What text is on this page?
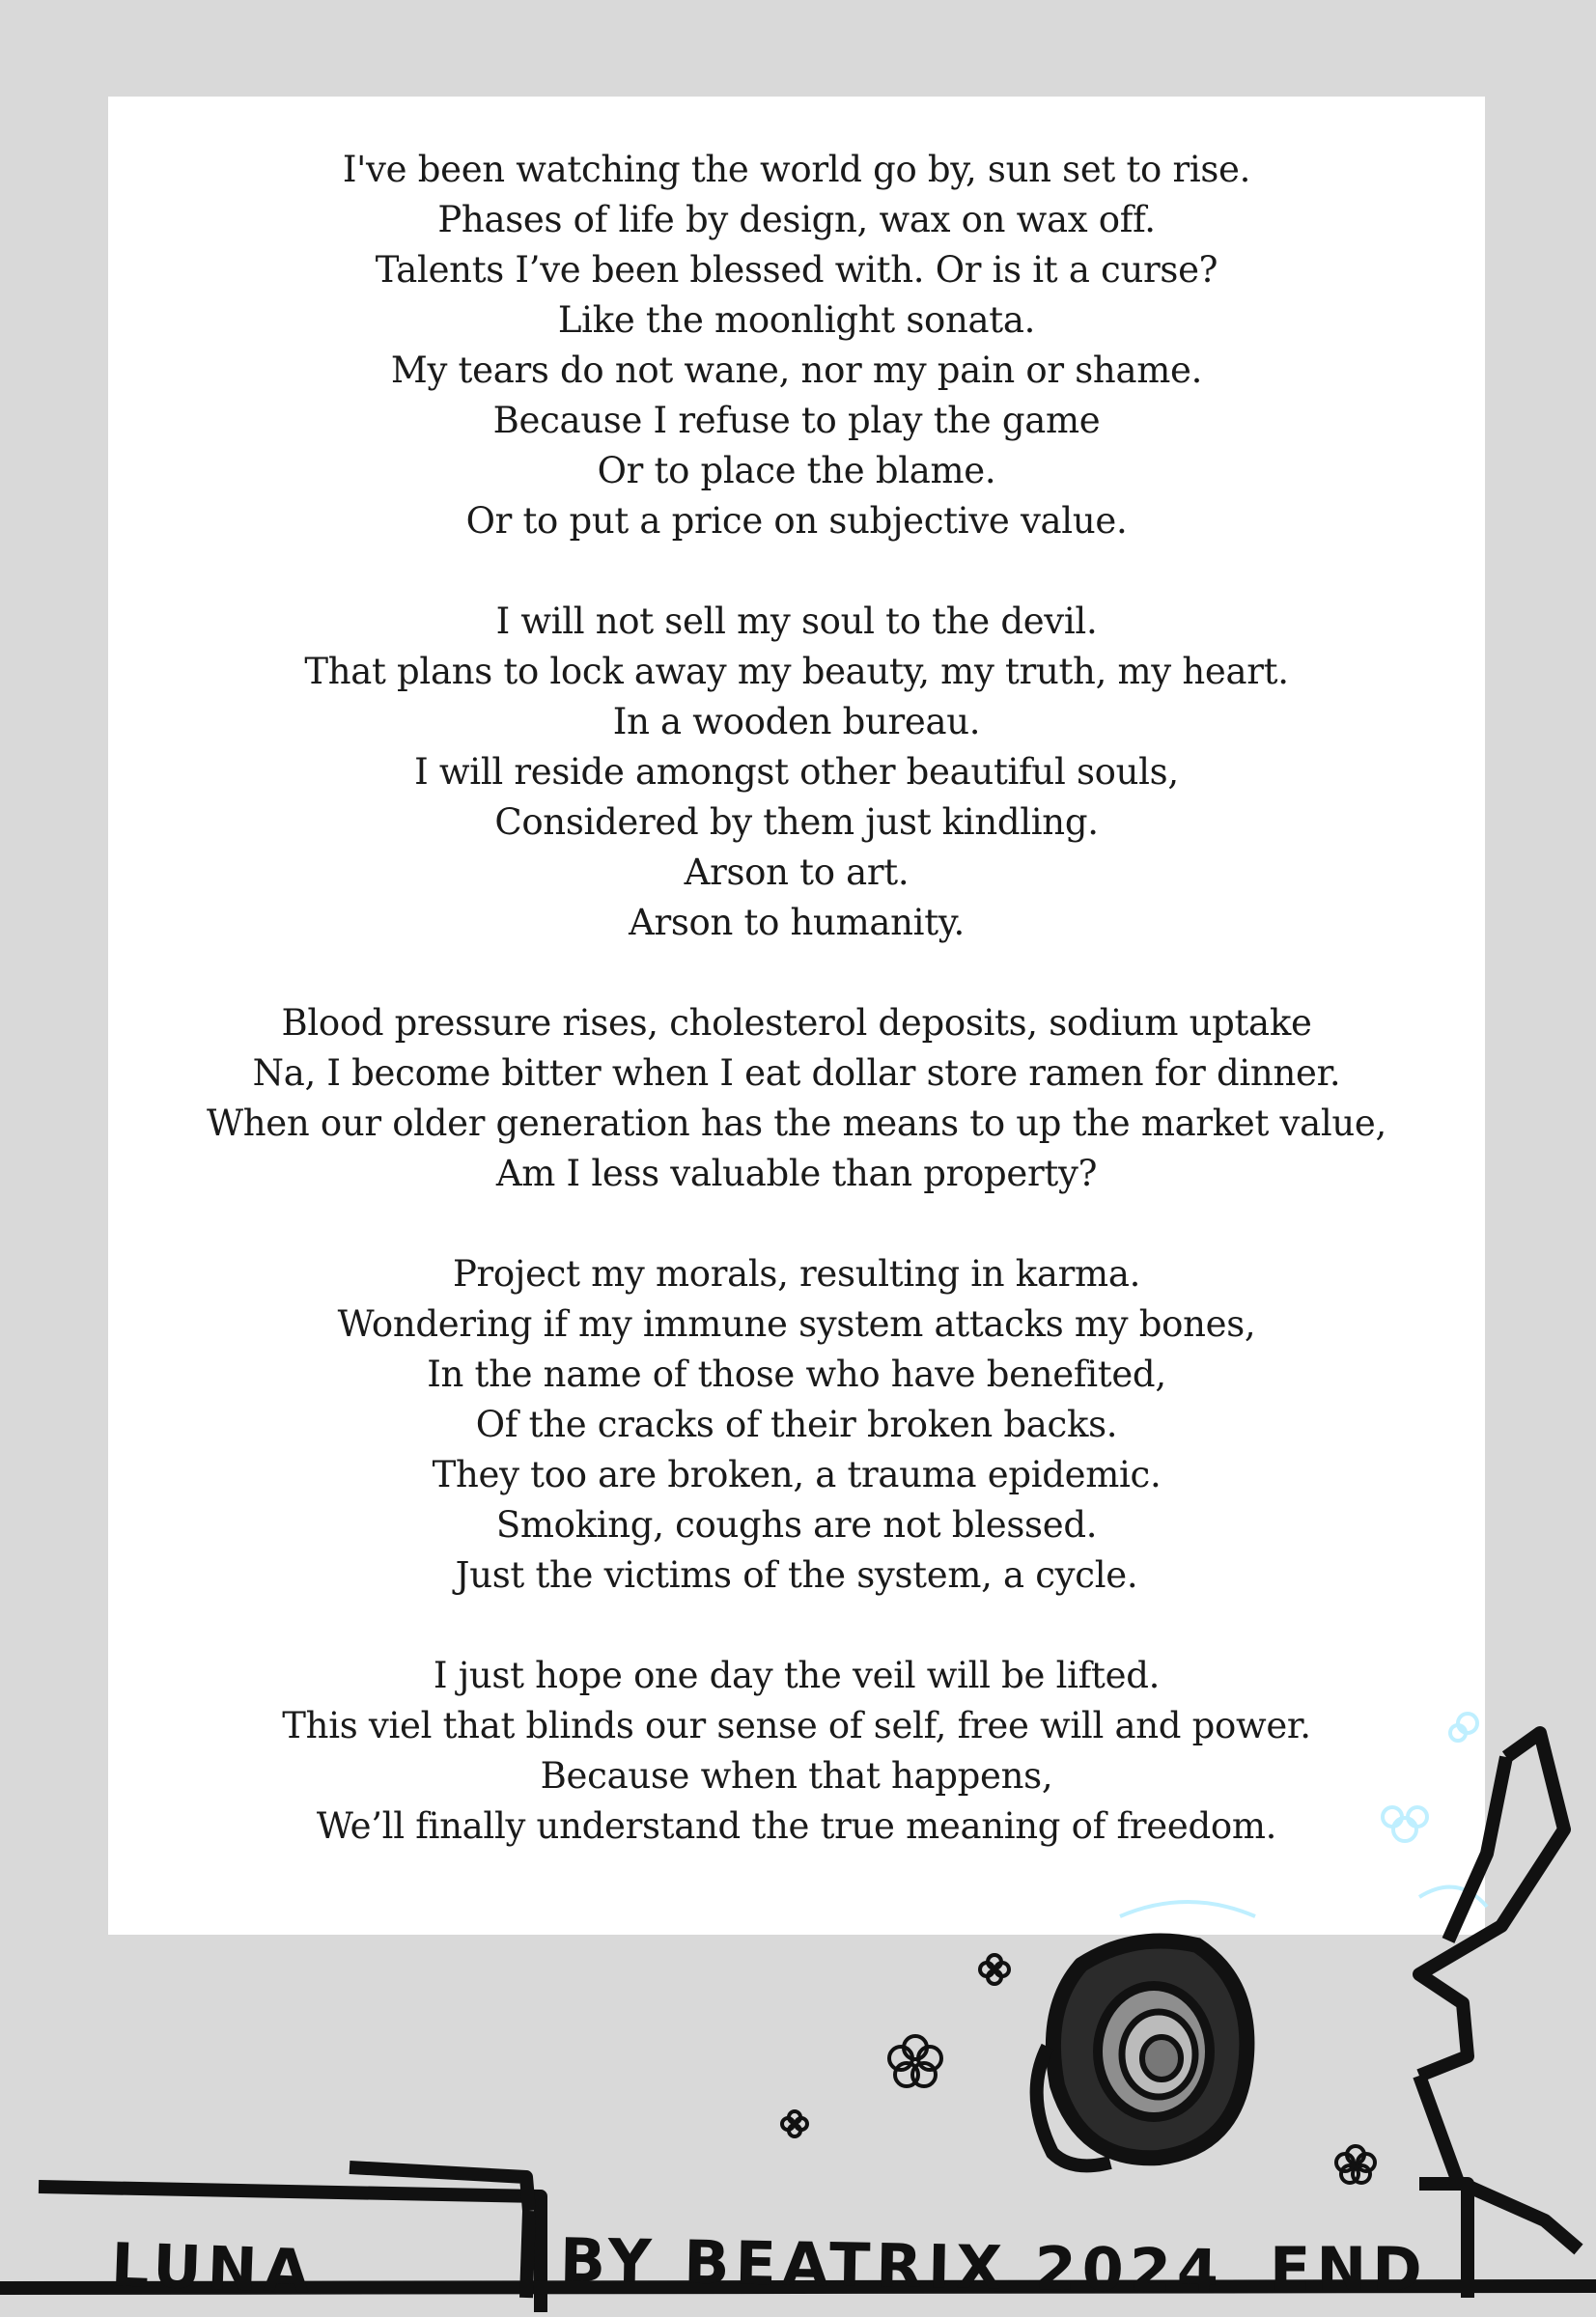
I've been watching the world go by, sun set to rise.
Phases of life by design, wax on wax off.
Talents I’ve been blessed with. Or is it a curse?
Like the moonlight sonata.
My tears do not wane, nor my pain or shame.
Because I refuse to play the game
Or to place the blame.
Or to put a price on subjective value.
I will not sell my soul to the devil.
That plans to lock away my beauty, my truth, my heart.
In a wooden bureau.
I will reside amongst other beautiful souls,
Considered by them just kindling.
Arson to art.
Arson to humanity.
Blood pressure rises, cholesterol deposits, sodium uptake
Na, I become bitter when I eat dollar store ramen for dinner.
When our older generation has the means to up the market value,
Am I less valuable than property?
Project my morals, resulting in karma.
Wondering if my immune system attacks my bones,
In the name of those who have benefited,
Of the cracks of their broken backs.
They too are broken, a trauma epidemic.
Smoking, coughs are not blessed.
Just the victims of the system, a cycle.
I just hope one day the veil will be lifted.
This viel that blinds our sense of self, free will and power.
Because when that happens,
We’ll finally understand the true meaning of freedom.
LUNA	BY BEATRIX 2024 END
